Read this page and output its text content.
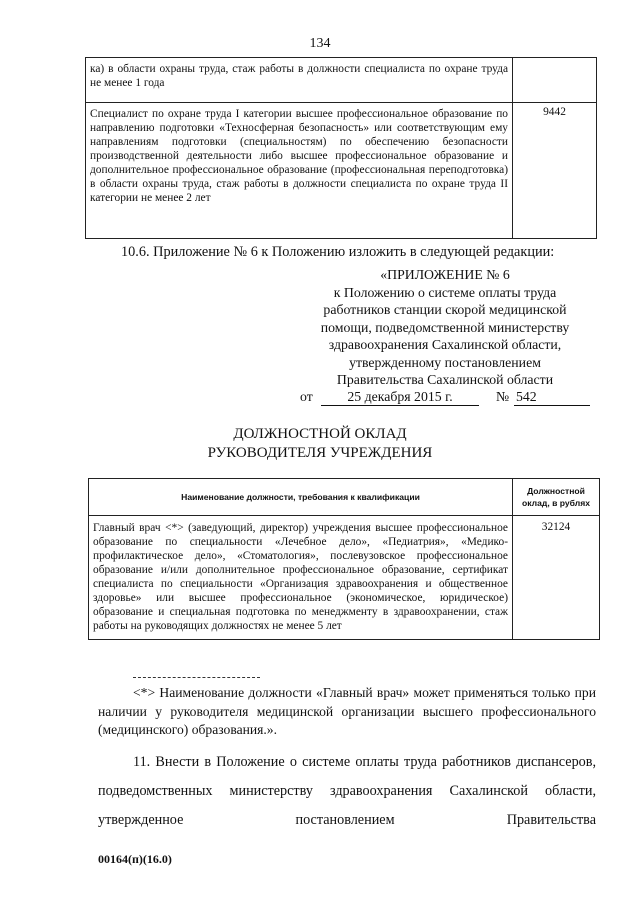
134
ка) в области охраны труда, стаж работы в должности специалиста по охране труда не менее 1 года	
Специалист по охране труда I категории высшее профессиональное образование по направлению подготовки «Техносферная безопасность» или соответствующим ему направлениям подготовки (специальностям) по обеспечению безопасности производственной деятельности либо высшее профессиональное образование и дополнительное профессиональное образование (профессиональная переподготовка) в области охраны труда, стаж работы в должности специалиста по охране труда II категории не менее 2 лет	9442
10.6. Приложение № 6 к Положению изложить в следующей редакции:
«ПРИЛОЖЕНИЕ № 6
к Положению о системе оплаты труда
работников станции скорой медицинской
помощи, подведомственной министерству
здравоохранения Сахалинской области,
утвержденному постановлением
Правительства Сахалинской области
от	25 декабря 2015 г.	№ 542
ДОЛЖНОСТНОЙ ОКЛАД
РУКОВОДИТЕЛЯ УЧРЕЖДЕНИЯ
Наименование должности, требования к квалификации	Должностной оклад, в рублях
Главный врач <*> (заведующий, директор) учреждения высшее профессиональное образование по специальности «Лечебное дело», «Педиатрия», «Медико-профилактическое дело», «Стоматология», послевузовское профессиональное образование и/или дополнительное профессиональное образование, сертификат специалиста по специальности «Организация здравоохранения и общественное здоровье» или высшее профессиональное (экономическое, юридическое) образование и специальная подготовка по менеджменту в здравоохранении, стаж работы на руководящих должностях не менее 5 лет	32124
<*> Наименование должности «Главный врач» может применяться только при наличии у руководителя медицинской организации высшего профессионального (медицинского) образования.».
11. Внести в Положение о системе оплаты труда работников диспансеров, подведомственных министерству здравоохранения Сахалинской области, утвержденное постановлением Правительства
00164(п)(16.0)
